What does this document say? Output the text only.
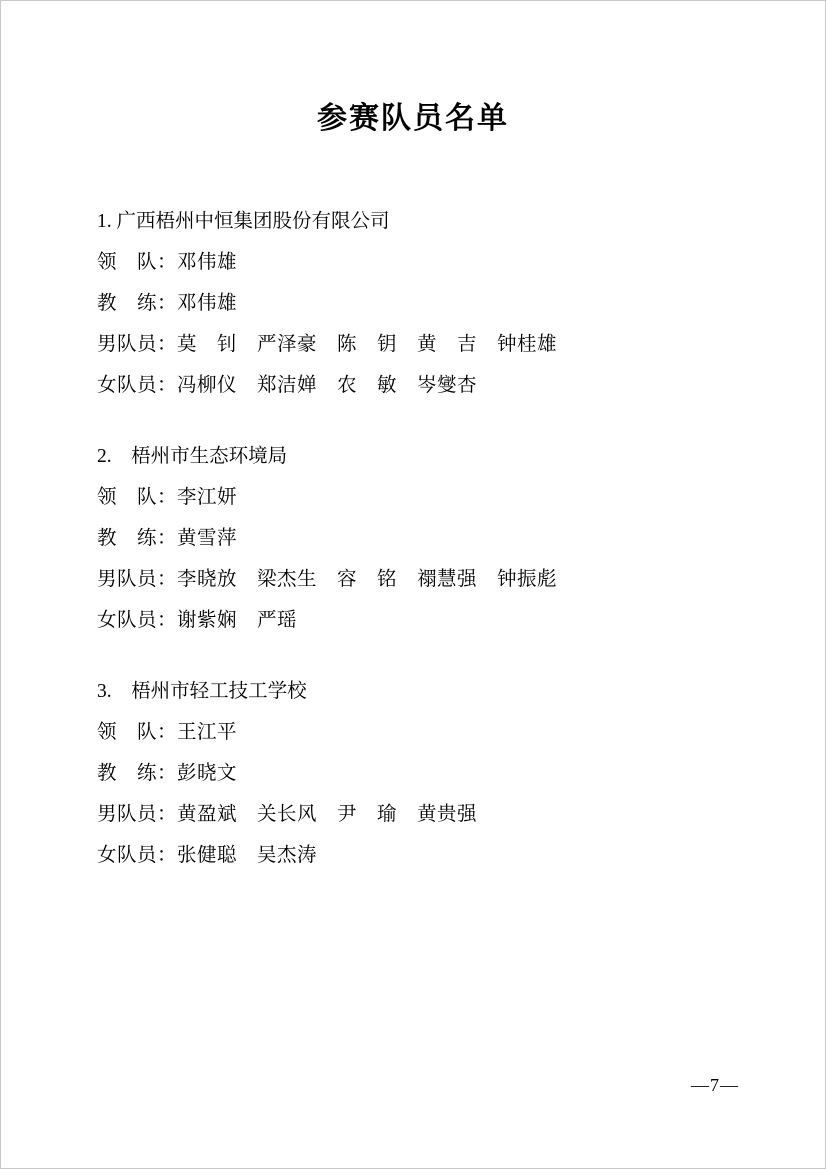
参赛队员名单
1. 广西梧州中恒集团股份有限公司
领　队：邓伟雄
教　练：邓伟雄
男队员：莫　钊　严泽豪　陈　钥　黄　吉　钟桂雄
女队员：冯柳仪　郑洁婵　农　敏　岑燮杏
2.　 梧州市生态环境局
领　队：李江妍
教　练：黄雪萍
男队员：李晓放　梁杰生　容　铭　禤慧强　钟振彪
女队员：谢紫娴　严瑶
3.　 梧州市轻工技工学校
领　队：王江平
教　练：彭晓文
男队员：黄盈斌　关长风　尹　瑜　黄贵强
女队员：张健聪　吴杰涛
—7—
